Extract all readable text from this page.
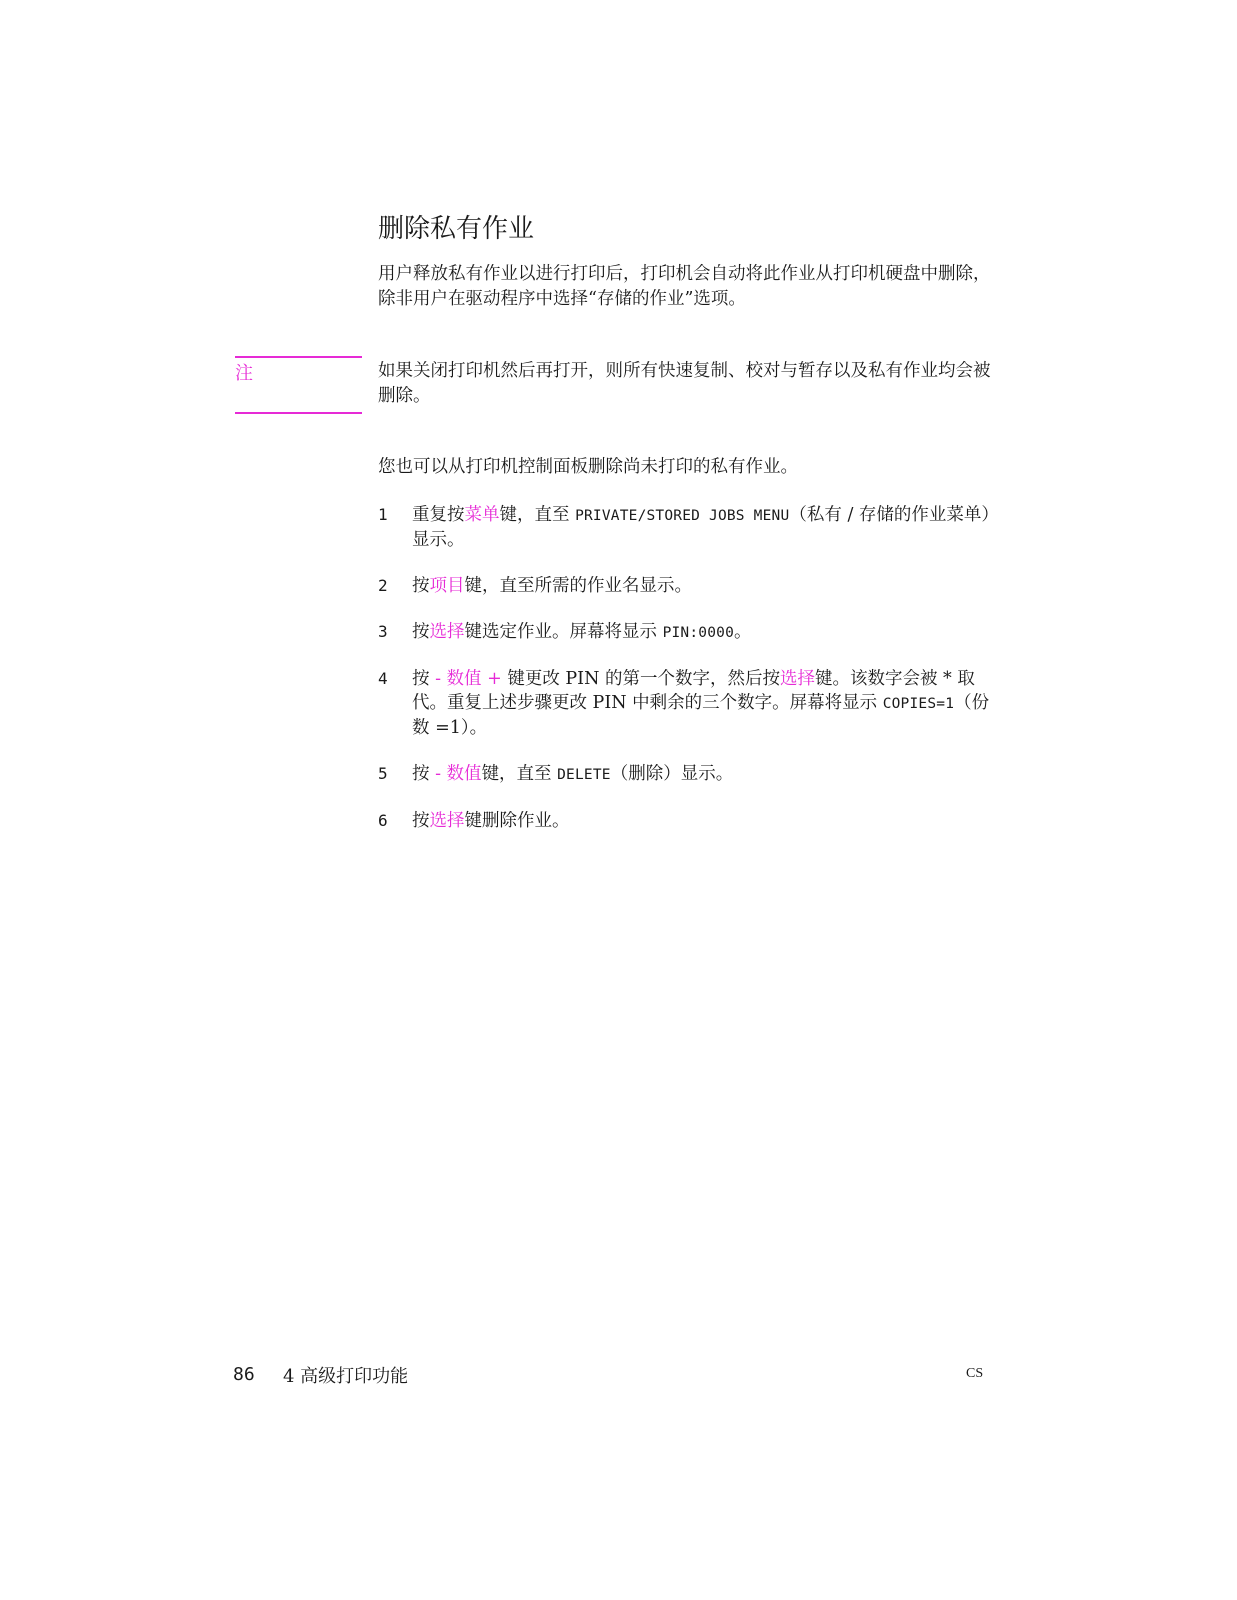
删除私有作业

用户释放私有作业以进行打印后，打印机会自动将此作业从打印机硬盘中删除，除非用户在驱动程序中选择“存储的作业”选项。

注	如果关闭打印机然后再打开，则所有快速复制、校对与暂存以及私有作业均会被删除。

您也可以从打印机控制面板删除尚未打印的私有作业。

1	重复按菜单键，直至 PRIVATE/STORED JOBS MENU（私有 / 存储的作业菜单）显示。
2	按项目键，直至所需的作业名显示。
3	按选择键选定作业。屏幕将显示 PIN:0000。
4	按 - 数值 + 键更改 PIN 的第一个数字，然后按选择键。该数字会被 * 取代。重复上述步骤更改 PIN 中剩余的三个数字。屏幕将显示 COPIES=1（份数 =1）。
5	按 - 数值键，直至 DELETE（删除）显示。
6	按选择键删除作业。
86 4 高级打印功能	CS
